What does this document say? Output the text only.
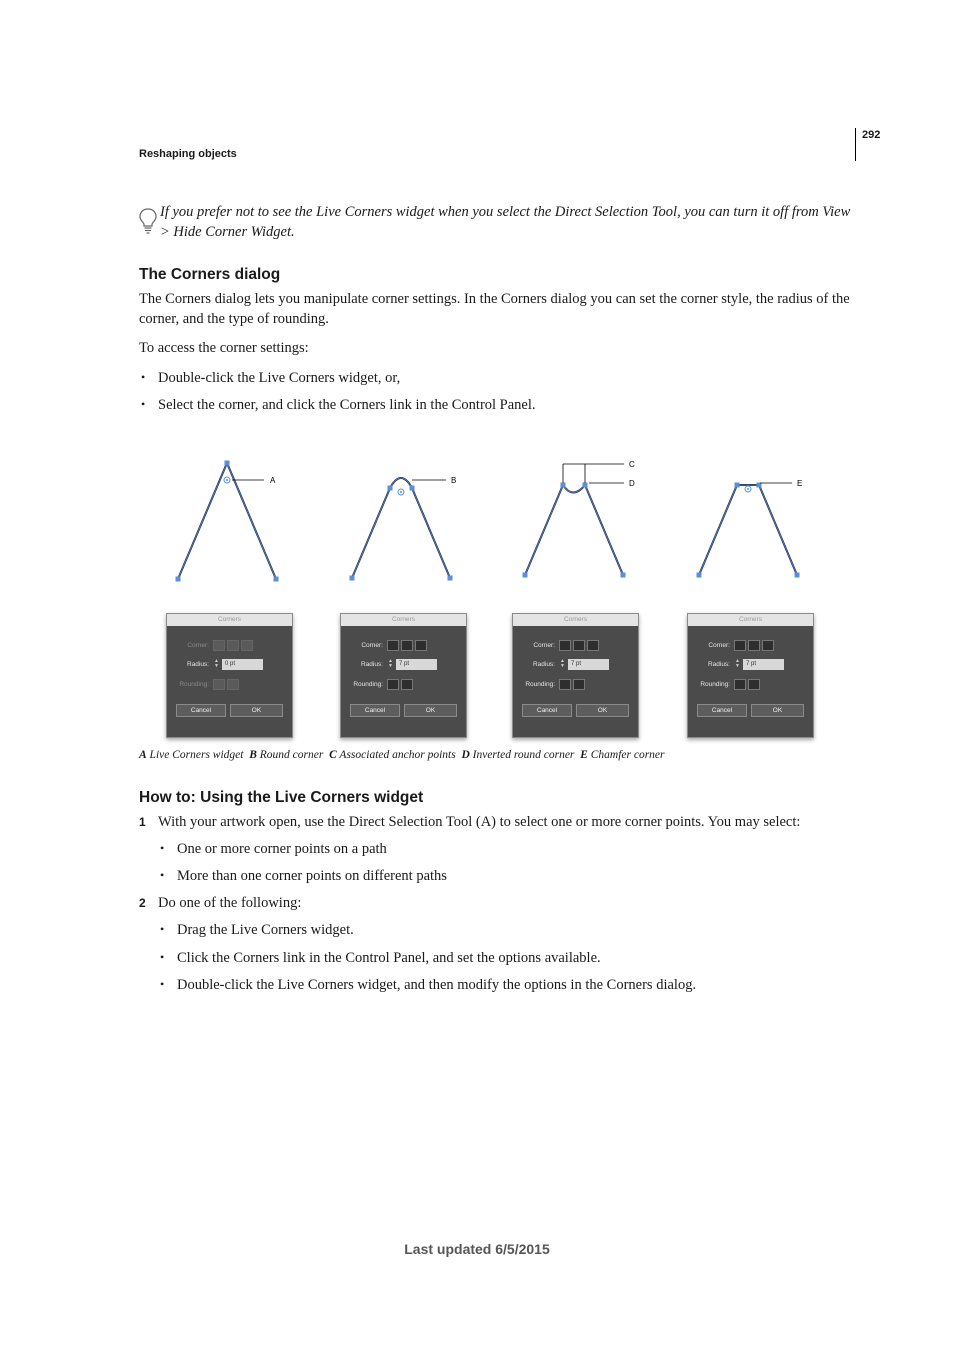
292
Reshaping objects
If you prefer not to see the Live Corners widget when you select the Direct Selection Tool, you can turn it off from View > Hide Corner Widget.
The Corners dialog
The Corners dialog lets you manipulate corner settings. In the Corners dialog you can set the corner style, the radius of the corner, and the type of rounding.
To access the corner settings:
• Double-click the Live Corners widget, or,
• Select the corner, and click the Corners link in the Control Panel.
A	B
C
D	E
Corners
Corner:
Radius: ▲
▼	0 pt
Rounding:
Cancel	OK
Corners
Corner:
Radius: ▲
▼	7 pt
Rounding:
Cancel	OK
Corners
Corner:
Radius: ▲
▼	7 pt
Rounding:
Cancel	OK
Corners
Corner:
Radius: ▲
▼	7 pt
Rounding:
Cancel	OK
A Live Corners widget B Round corner C Associated anchor points D Inverted round corner E Chamfer corner
How to: Using the Live Corners widget
1 With your artwork open, use the Direct Selection Tool (A) to select one or more corner points. You may select:
• One or more corner points on a path
• More than one corner points on different paths
2 Do one of the following:
• Drag the Live Corners widget.
• Click the Corners link in the Control Panel, and set the options available.
• Double-click the Live Corners widget, and then modify the options in the Corners dialog.
Last updated 6/5/2015
